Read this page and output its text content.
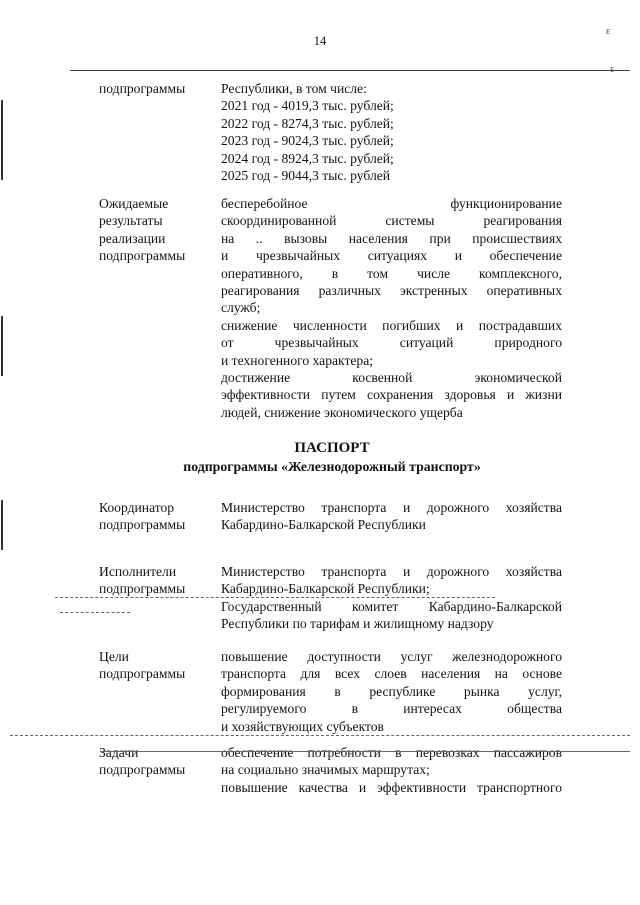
14
ε
ε
подпрограммы	Республики, в том числе:
2021 год - 4019,3 тыс. рублей;
2022 год - 8274,3 тыс. рублей;
2023 год - 9024,3 тыс. рублей;
2024 год - 8924,3 тыс. рублей;
2025 год - 9044,3 тыс. рублей
Ожидаемые
результаты
реализации
подпрограммы
бесперебойное функционирование
скоординированной системы реагирования
на .. вызовы населения при происшествиях
и чрезвычайных ситуациях и обеспечение
оперативного, в том числе комплексного,
реагирования различных экстренных оперативных
служб;
снижение численности погибших и пострадавших
от чрезвычайных ситуаций природного
и техногенного характера;
достижение косвенной экономической
эффективности путем сохранения здоровья и жизни
людей, снижение экономического ущерба
ПАСПОРТ
подпрограммы «Железнодорожный транспорт»
Координатор
подпрограммы
Министерство транспорта и дорожного хозяйства
Кабардино-Балкарской Республики
Исполнители
подпрограммы
Министерство транспорта и дорожного хозяйства
Кабардино-Балкарской Республики;
Государственный комитет Кабардино-Балкарской
Республики по тарифам и жилищному надзору
Цели
подпрограммы
повышение доступности услуг железнодорожного
транспорта для всех слоев населения на основе
формирования в республике рынка услуг,
регулируемого в интересах общества
и хозяйствующих субъектов
Задачи
подпрограммы
обеспечение потребности в перевозках пассажиров
на социально значимых маршрутах;
повышение качества и эффективности транспортного
